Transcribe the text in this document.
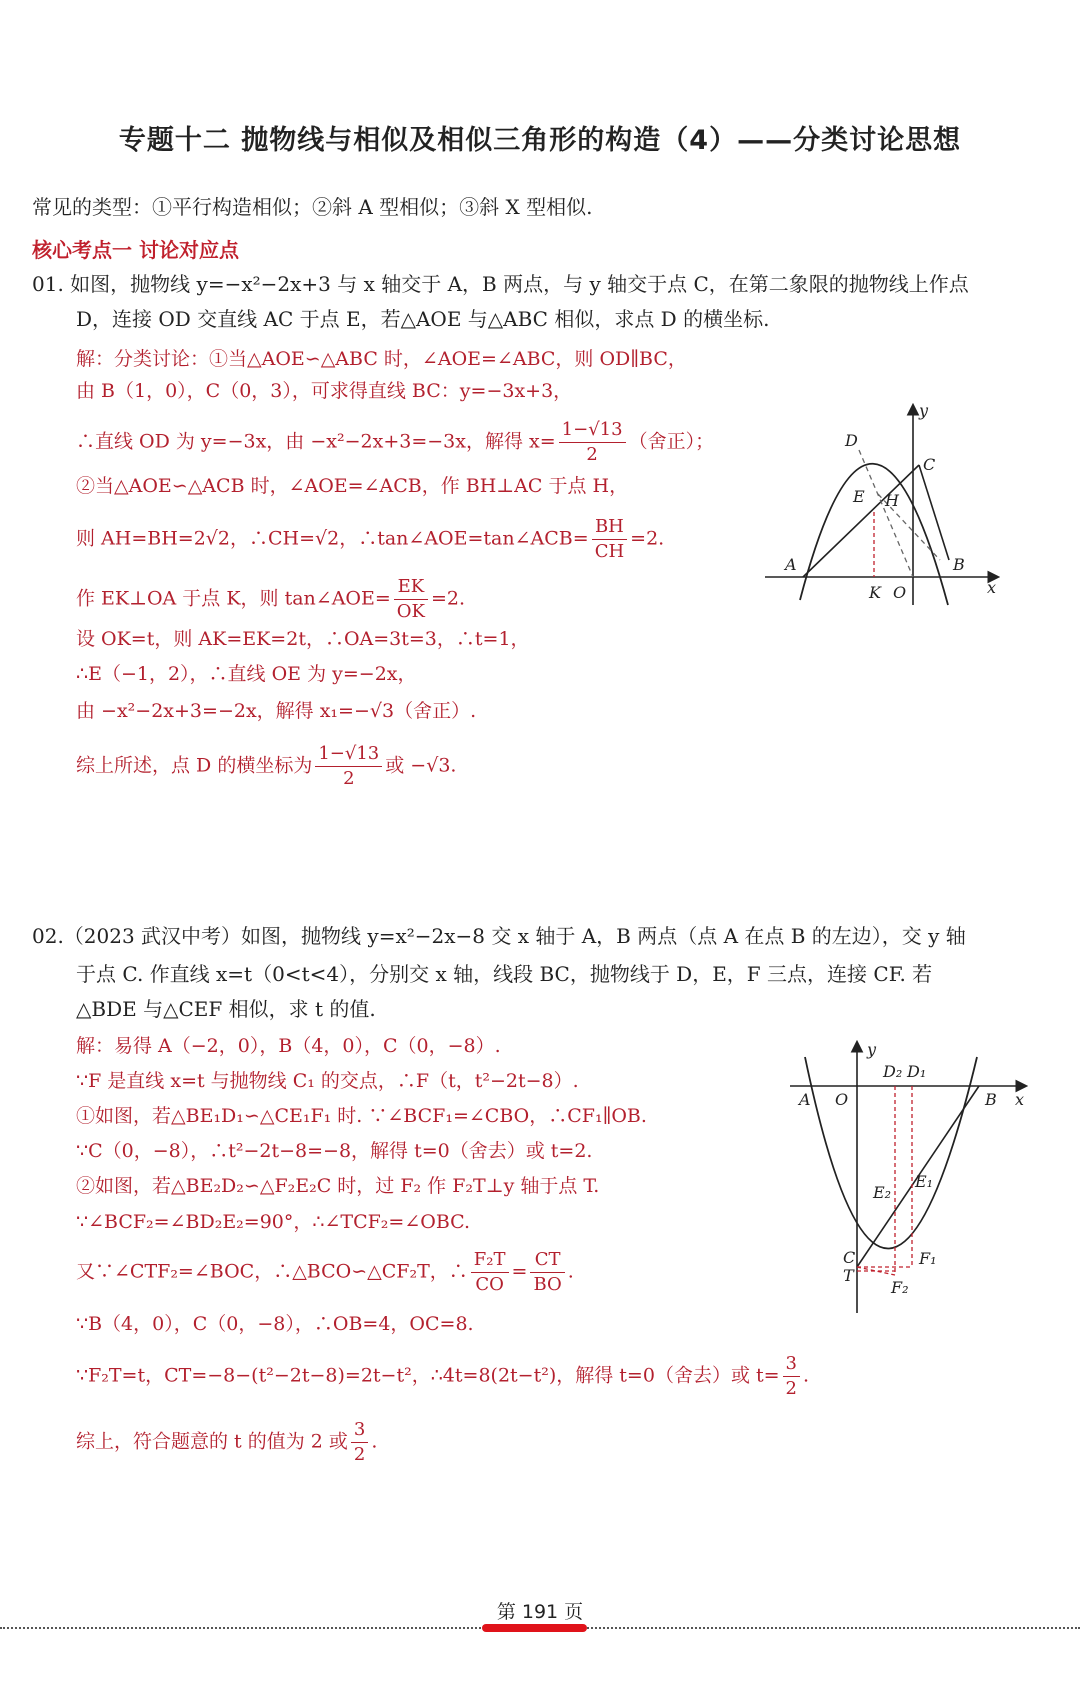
专题十二 抛物线与相似及相似三角形的构造（4）——分类讨论思想
常见的类型：①平行构造相似；②斜 A 型相似；③斜 X 型相似.
核心考点一 讨论对应点
01. 如图，抛物线 y=−x²−2x+3 与 x 轴交于 A，B 两点，与 y 轴交于点 C，在第二象限的抛物线上作点
D，连接 OD 交直线 AC 于点 E，若△AOE 与△ABC 相似，求点 D 的横坐标.
解：分类讨论：①当△AOE∽△ABC 时，∠AOE=∠ABC，则 OD∥BC，
由 B（1，0），C（0，3），可求得直线 BC：y=−3x+3，
∴直线 OD 为 y=−3x，由 −x²−2x+3=−3x，解得 $x= \frac{1-√13}{2}$ （舍正）；
②当△AOE∽△ACB 时，∠AOE=∠ACB，作 BH⊥AC 于点 H，
则 AH=BH=2√2，∴CH=√2，∴tan∠AOE=tan∠ACB= $\frac{BH}{CH} =2$.
作 EK⊥OA 于点 K，则 tan∠AOE= $\frac{EK}{OK} =2$.
设 OK=t，则 AK=EK=2t，∴OA=3t=3，∴t=1，
∴E（−1，2），∴直线 OE 为 y=−2x，
由 −x²−2x+3=−2x，解得 x₁=−√3（舍正）.
综上所述，点 D 的横坐标为 $\frac{1-√13}{2}$ 或 −√3.
D
C
E H
A	B
K O
y
x
02.（2023 武汉中考）如图，抛物线 y=x²−2x−8 交 x 轴于 A，B 两点（点 A 在点 B 的左边），交 y 轴
于点 C. 作直线 x=t（0<t<4），分别交 x 轴，线段 BC，抛物线于 D，E，F 三点，连接 CF. 若
△BDE 与△CEF 相似，求 t 的值.
解：易得 A（−2，0），B（4，0），C（0，−8）.
∵F 是直线 x=t 与抛物线 C₁ 的交点，∴F（t，t²−2t−8）.
①如图，若△BE₁D₁∽△CE₁F₁ 时. ∵∠BCF₁=∠CBO，∴CF₁∥OB.
∵C（0，−8），∴t²−2t−8=−8，解得 t=0（舍去）或 t=2.
②如图，若△BE₂D₂∽△F₂E₂C 时，过 F₂ 作 F₂T⊥y 轴于点 T.
∵∠BCF₂=∠BD₂E₂=90°，∴∠TCF₂=∠OBC.
又∵∠CTF₂=∠BOC，∴△BCO∽△CF₂T，∴ $\frac{\text{F₂T}}{CO} = \frac{CT}{BO}$ .
∵B（4，0），C（0，−8），∴OB=4，OC=8.
∵F₂T=t，CT=−8−(t²−2t−8)=2t−t²，∴4t=8(2t−t²)，解得 t=0（舍去）或 $t= \frac{3}{2}$ .
综上，符合题意的 t 的值为 2 或 $\frac{3}{2}$ .
A O	B
y
x
D₂ D₁
E₂
E₁
C
T
F₁
F₂
第 191 页
